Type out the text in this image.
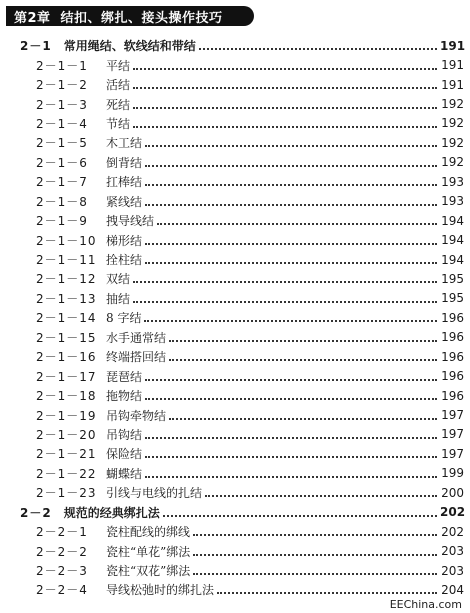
第2章 结扣、绑扎、接头操作技巧
2－1 常用绳结、软线结和带结	191
2－1－1	平结	191
2－1－2	活结	191
2－1－3	死结	192
2－1－4	节结	192
2－1－5	木工结	192
2－1－6	倒背结	192
2－1－7	扛棒结	193
2－1－8	紧线结	193
2－1－9	拽导线结	194
2－1－10 梯形结	194
2－1－11 拴柱结	194
2－1－12 双结	195
2－1－13 抽结	195
2－1－14 8 字结	196
2－1－15 水手通常结	196
2－1－16 终端搭回结	196
2－1－17 琵琶结	196
2－1－18 拖物结	196
2－1－19 吊钩牵物结	197
2－1－20 吊钩结	197
2－1－21 保险结	197
2－1－22 蝴蝶结	199
2－1－23 引线与电线的扎结	200
2－2 规范的经典绑扎法	202
2－2－1	瓷柱配线的绑线	202
2－2－2	瓷柱“单花”绑法	203
2－2－3	瓷柱“双花”绑法	203
2－2－4	导线松弛时的绑扎法	204
EEChina.com
